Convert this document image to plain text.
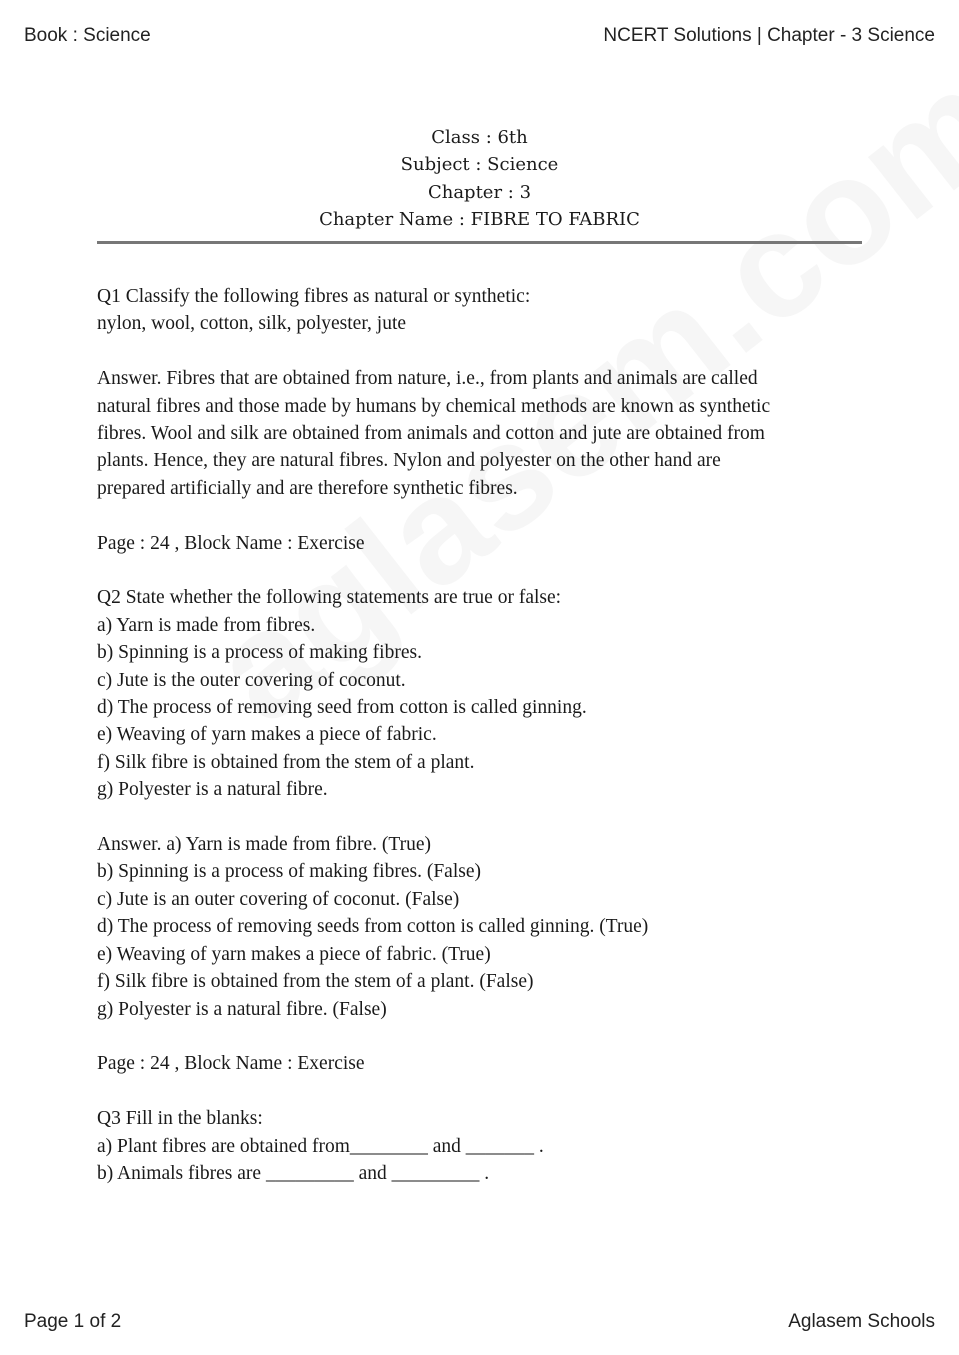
Book : Science	NCERT Solutions | Chapter - 3 Science
Class : 6th
Subject : Science
Chapter : 3
Chapter Name : FIBRE TO FABRIC
Q1 Classify the following fibres as natural or synthetic:
nylon, wool, cotton, silk, polyester, jute
Answer. Fibres that are obtained from nature, i.e., from plants and animals are called
natural fibres and those made by humans by chemical methods are known as synthetic
fibres. Wool and silk are obtained from animals and cotton and jute are obtained from
plants. Hence, they are natural fibres. Nylon and polyester on the other hand are
prepared artificially and are therefore synthetic fibres.
Page : 24 , Block Name : Exercise
Q2 State whether the following statements are true or false:
a) Yarn is made from fibres.
b) Spinning is a process of making fibres.
c) Jute is the outer covering of coconut.
d) The process of removing seed from cotton is called ginning.
e) Weaving of yarn makes a piece of fabric.
f) Silk fibre is obtained from the stem of a plant.
g) Polyester is a natural fibre.
Answer. a) Yarn is made from fibre. (True)
b) Spinning is a process of making fibres. (False)
c) Jute is an outer covering of coconut. (False)
d) The process of removing seeds from cotton is called ginning. (True)
e) Weaving of yarn makes a piece of fabric. (True)
f) Silk fibre is obtained from the stem of a plant. (False)
g) Polyester is a natural fibre. (False)
Page : 24 , Block Name : Exercise
Q3 Fill in the blanks:
a) Plant fibres are obtained from________ and _______ .
b) Animals fibres are _________ and _________ .
Page 1 of 2	Aglasem Schools
